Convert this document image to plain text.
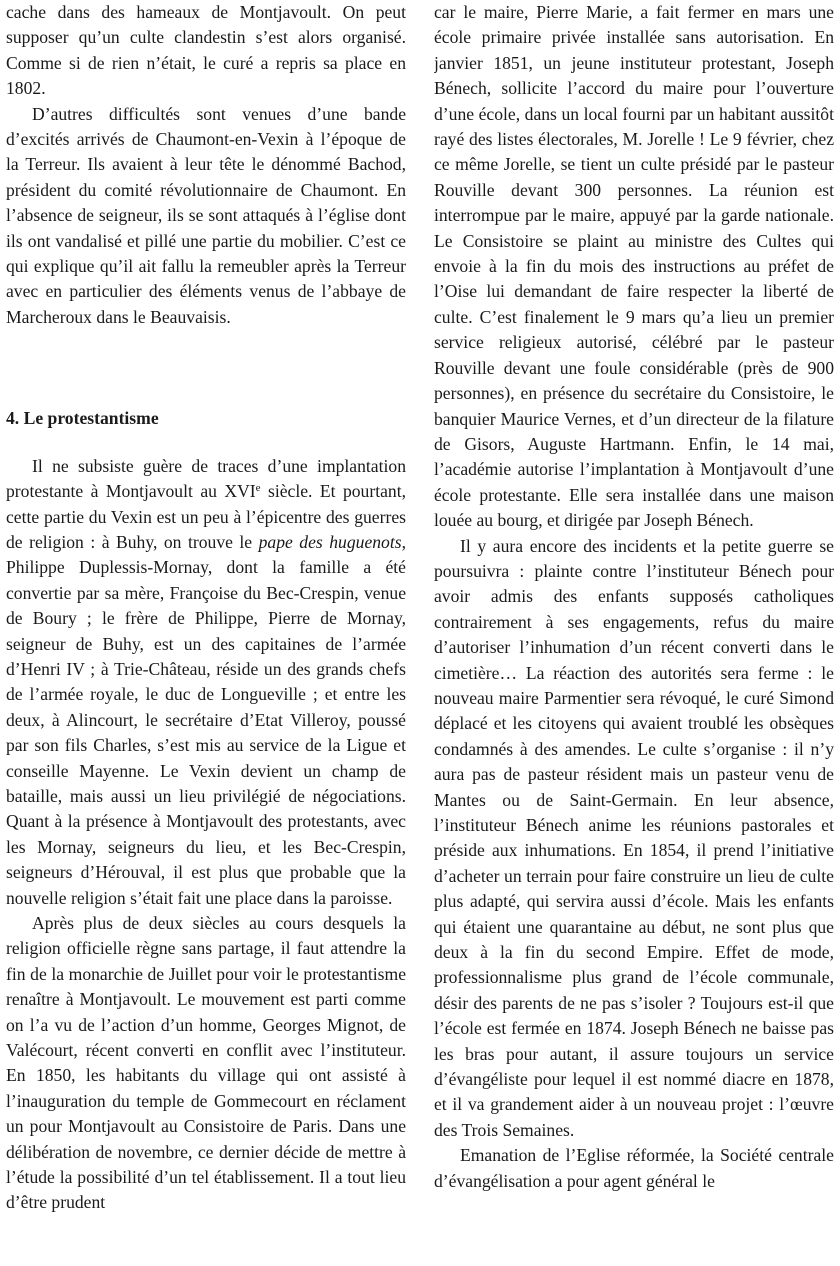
cache dans des hameaux de Montjavoult. On peut supposer qu’un culte clandestin s’est alors organisé. Comme si de rien n’était, le curé a repris sa place en 1802.

D’autres difficultés sont venues d’une bande d’excités arrivés de Chaumont-en-Vexin à l’époque de la Terreur. Ils avaient à leur tête le dénommé Bachod, président du comité révolutionnaire de Chaumont. En l’absence de seigneur, ils se sont attaqués à l’église dont ils ont vandalisé et pillé une partie du mobilier. C’est ce qui explique qu’il ait fallu la remeubler après la Terreur avec en particulier des éléments venus de l’abbaye de Marcheroux dans le Beauvaisis.

4. Le protestantisme

Il ne subsiste guère de traces d’une implantation protestante à Montjavoult au XVIe siècle. Et pourtant, cette partie du Vexin est un peu à l’épicentre des guerres de religion : à Buhy, on trouve le pape des huguenots, Philippe Duplessis-Mornay, dont la famille a été convertie par sa mère, Françoise du Bec-Crespin, venue de Boury ; le frère de Philippe, Pierre de Mornay, seigneur de Buhy, est un des capitaines de l’armée d’Henri IV ; à Trie-Château, réside un des grands chefs de l’armée royale, le duc de Longueville ; et entre les deux, à Alincourt, le secrétaire d’Etat Villeroy, poussé par son fils Charles, s’est mis au service de la Ligue et conseille Mayenne. Le Vexin devient un champ de bataille, mais aussi un lieu privilégié de négociations. Quant à la présence à Montjavoult des protestants, avec les Mornay, seigneurs du lieu, et les Bec-Crespin, seigneurs d’Hérouval, il est plus que probable que la nouvelle religion s’était fait une place dans la paroisse.

Après plus de deux siècles au cours desquels la religion officielle règne sans partage, il faut attendre la fin de la monarchie de Juillet pour voir le protestantisme renaître à Montjavoult. Le mouvement est parti comme on l’a vu de l’action d’un homme, Georges Mignot, de Valécourt, récent converti en conflit avec l’instituteur. En 1850, les habitants du village qui ont assisté à l’inauguration du temple de Gommecourt en réclament un pour Montjavoult au Consistoire de Paris. Dans une délibération de novembre, ce dernier décide de mettre à l’étude la possibilité d’un tel établissement. Il a tout lieu d’être prudent

car le maire, Pierre Marie, a fait fermer en mars une école primaire privée installée sans autorisation. En janvier 1851, un jeune instituteur protestant, Joseph Bénech, sollicite l’accord du maire pour l’ouverture d’une école, dans un local fourni par un habitant aussitôt rayé des listes électorales, M. Jorelle ! Le 9 février, chez ce même Jorelle, se tient un culte présidé par le pasteur Rouville devant 300 personnes. La réunion est interrompue par le maire, appuyé par la garde nationale. Le Consistoire se plaint au ministre des Cultes qui envoie à la fin du mois des instructions au préfet de l’Oise lui demandant de faire respecter la liberté de culte. C’est finalement le 9 mars qu’a lieu un premier service religieux autorisé, célébré par le pasteur Rouville devant une foule considérable (près de 900 personnes), en présence du secrétaire du Consistoire, le banquier Maurice Vernes, et d’un directeur de la filature de Gisors, Auguste Hartmann. Enfin, le 14 mai, l’académie autorise l’implantation à Montjavoult d’une école protestante. Elle sera installée dans une maison louée au bourg, et dirigée par Joseph Bénech.

Il y aura encore des incidents et la petite guerre se poursuivra : plainte contre l’instituteur Bénech pour avoir admis des enfants supposés catholiques contrairement à ses engagements, refus du maire d’autoriser l’inhumation d’un récent converti dans le cimetière… La réaction des autorités sera ferme : le nouveau maire Parmentier sera révoqué, le curé Simond déplacé et les citoyens qui avaient troublé les obsèques condamnés à des amendes. Le culte s’organise : il n’y aura pas de pasteur résident mais un pasteur venu de Mantes ou de Saint-Germain. En leur absence, l’instituteur Bénech anime les réunions pastorales et préside aux inhumations. En 1854, il prend l’initiative d’acheter un terrain pour faire construire un lieu de culte plus adapté, qui servira aussi d’école. Mais les enfants qui étaient une quarantaine au début, ne sont plus que deux à la fin du second Empire. Effet de mode, professionnalisme plus grand de l’école communale, désir des parents de ne pas s’isoler ? Toujours est-il que l’école est fermée en 1874. Joseph Bénech ne baisse pas les bras pour autant, il assure toujours un service d’évangéliste pour lequel il est nommé diacre en 1878, et il va grandement aider à un nouveau projet : l’œuvre des Trois Semaines.

Emanation de l’Eglise réformée, la Société centrale d’évangélisation a pour agent général le
